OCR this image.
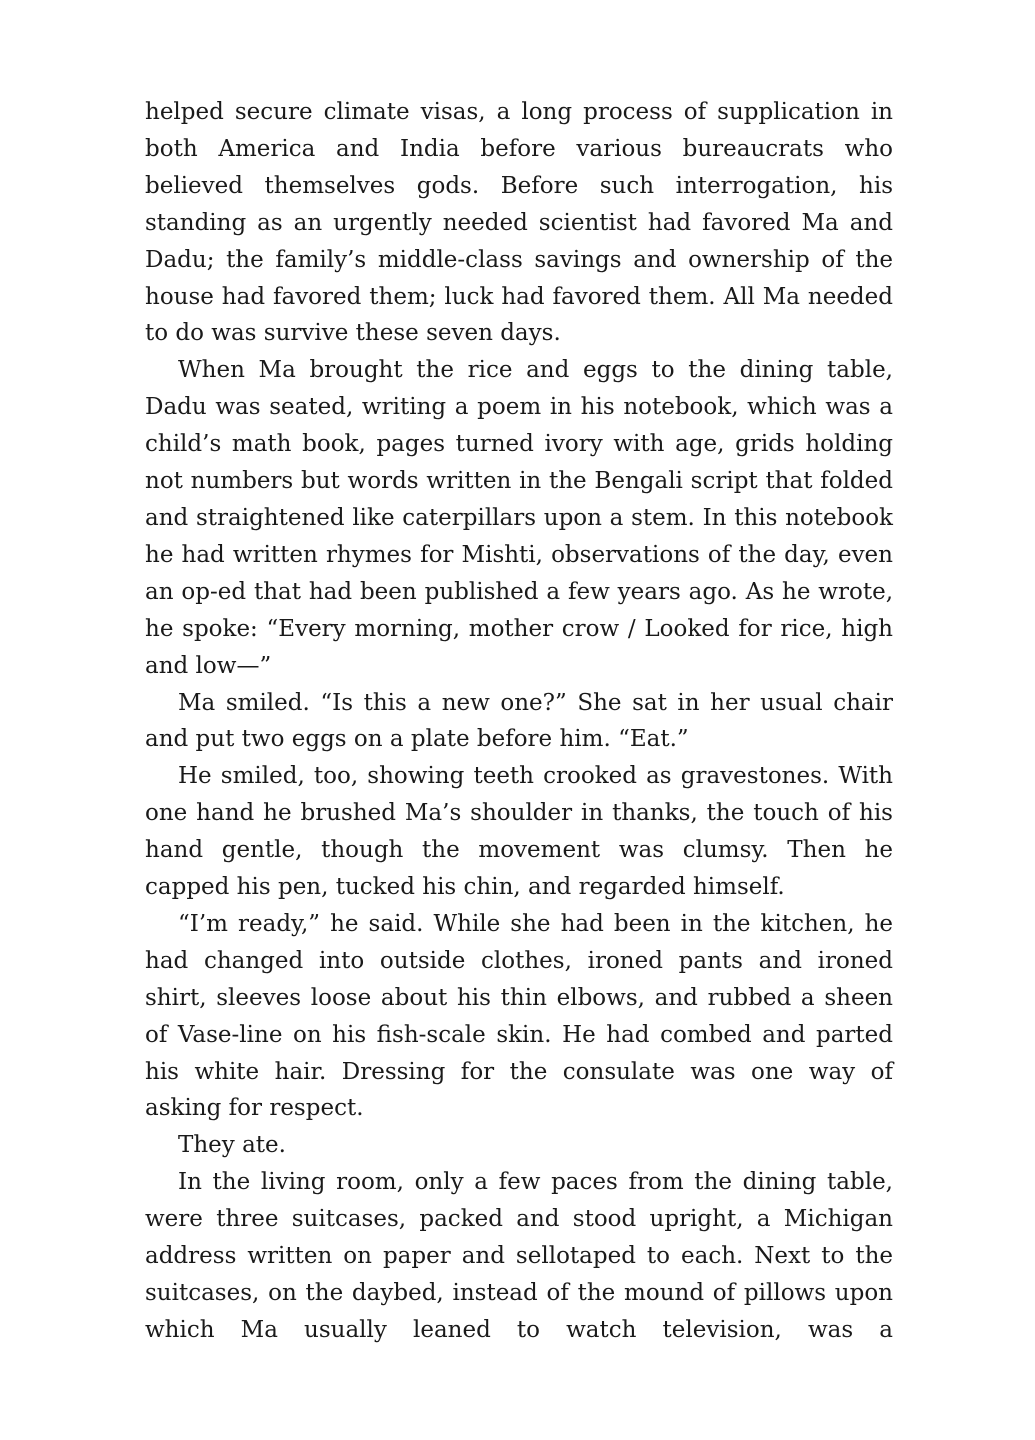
helped secure climate visas, a long process of supplication in both America and India before various bureaucrats who believed themselves gods. Before such interrogation, his standing as an urgently needed scientist had favored Ma and Dadu; the family’s middle-class savings and ownership of the house had favored them; luck had favored them. All Ma needed to do was survive these seven days.

When Ma brought the rice and eggs to the dining table, Dadu was seated, writing a poem in his notebook, which was a child’s math book, pages turned ivory with age, grids holding not numbers but words written in the Bengali script that folded and straightened like caterpillars upon a stem. In this notebook he had written rhymes for Mishti, observations of the day, even an op-ed that had been published a few years ago. As he wrote, he spoke: “Every morning, mother crow / Looked for rice, high and low—”

Ma smiled. “Is this a new one?” She sat in her usual chair and put two eggs on a plate before him. “Eat.”

He smiled, too, showing teeth crooked as gravestones. With one hand he brushed Ma’s shoulder in thanks, the touch of his hand gentle, though the movement was clumsy. Then he capped his pen, tucked his chin, and regarded himself.

“I’m ready,” he said. While she had been in the kitchen, he had changed into outside clothes, ironed pants and ironed shirt, sleeves loose about his thin elbows, and rubbed a sheen of Vase-line on his fish-scale skin. He had combed and parted his white hair. Dressing for the consulate was one way of asking for respect.

They ate.

In the living room, only a few paces from the dining table, were three suitcases, packed and stood upright, a Michigan address written on paper and sellotaped to each. Next to the suitcases, on the daybed, instead of the mound of pillows upon which Ma usually leaned to watch television, was a
